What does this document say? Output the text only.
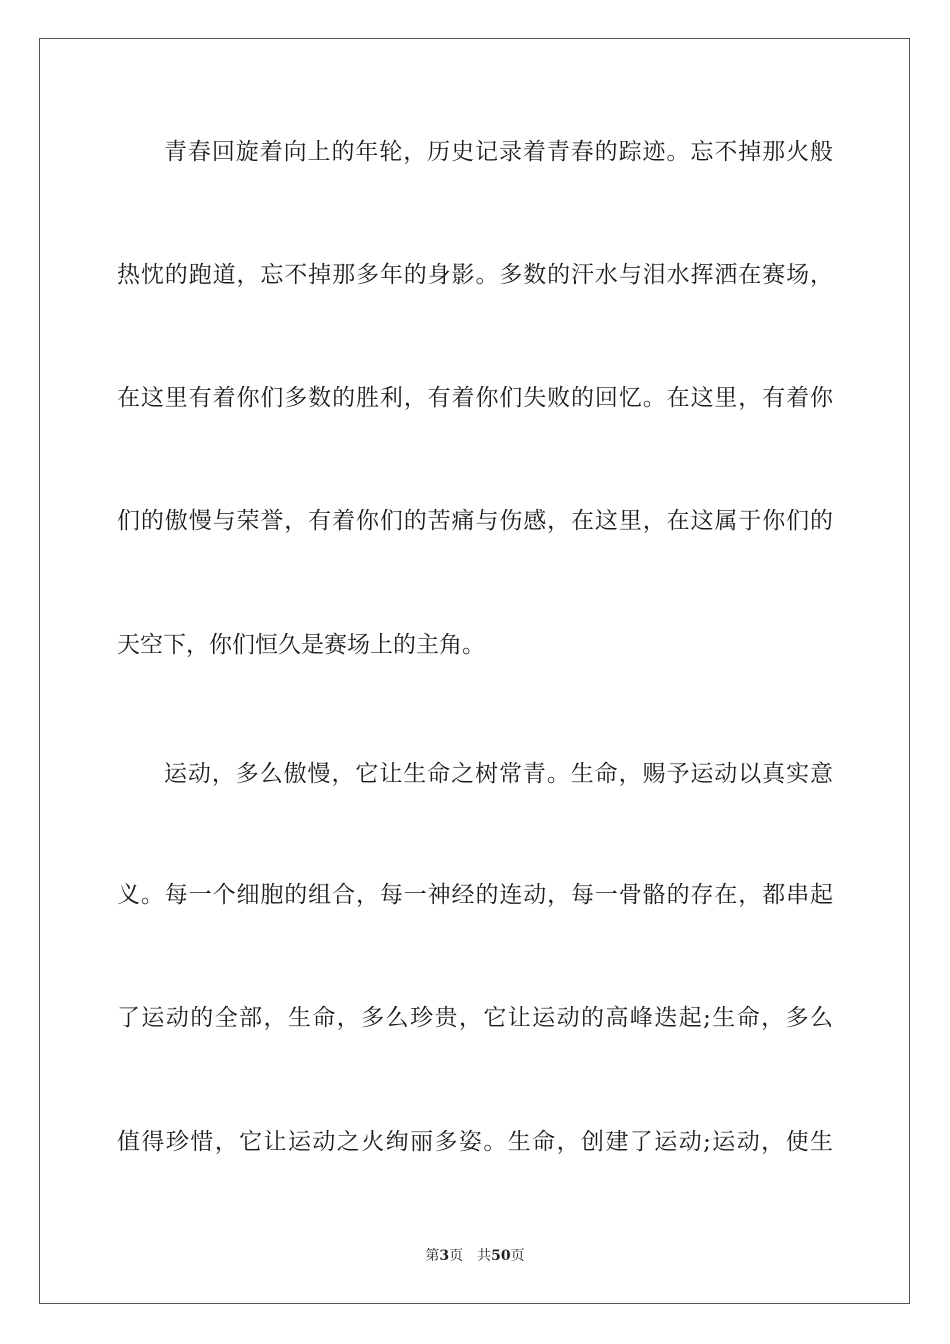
青春回旋着向上的年轮，历史记录着青春的踪迹。忘不掉那火般
热忱的跑道，忘不掉那多年的身影。多数的汗水与泪水挥洒在赛场，
在这里有着你们多数的胜利，有着你们失败的回忆。在这里，有着你
们的傲慢与荣誉，有着你们的苦痛与伤感，在这里，在这属于你们的
天空下，你们恒久是赛场上的主角。
运动，多么傲慢，它让生命之树常青。生命，赐予运动以真实意
义。每一个细胞的组合，每一神经的连动，每一骨骼的存在，都串起
了运动的全部，生命，多么珍贵，它让运动的高峰迭起;生命，多么
值得珍惜，它让运动之火绚丽多姿。生命，创建了运动;运动，使生
第3页 共50页
